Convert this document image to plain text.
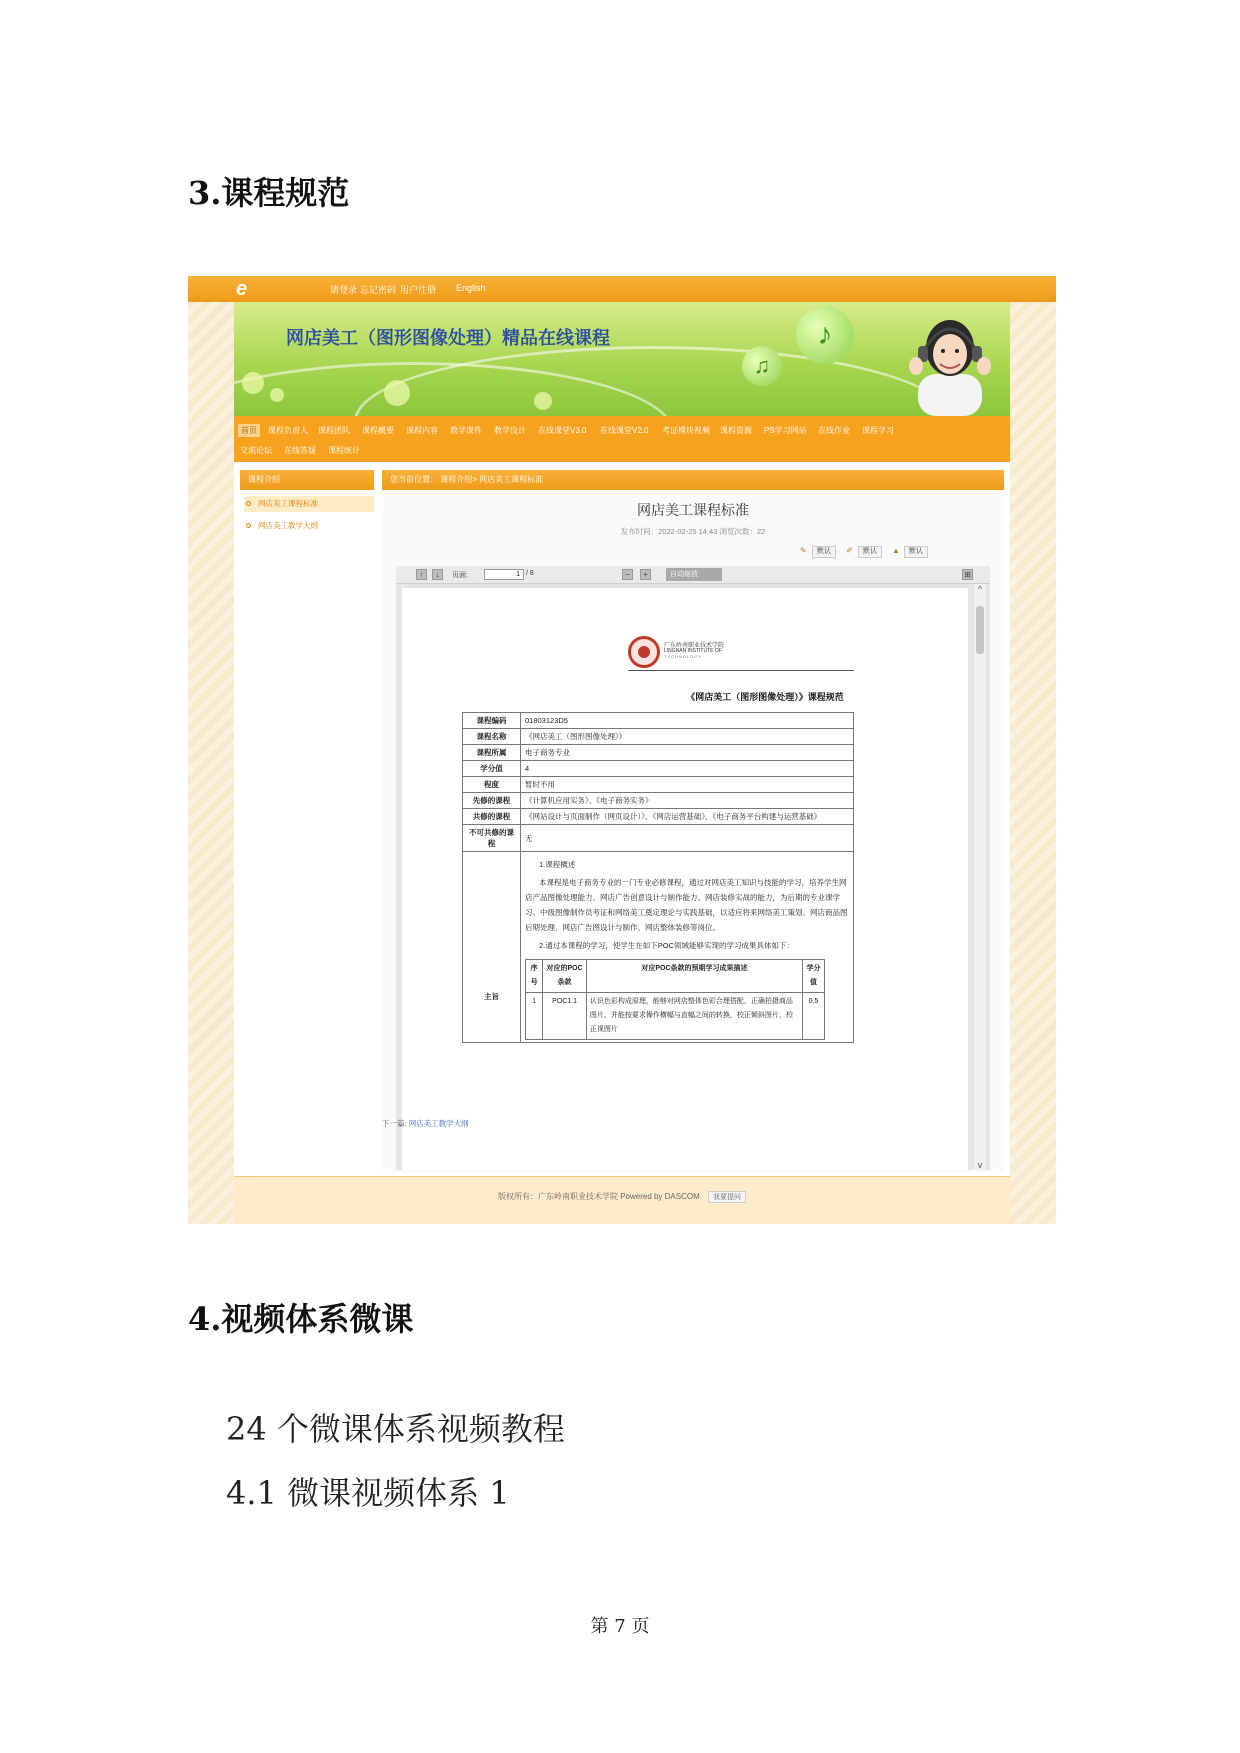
3.课程规范
e	请登录 忘记密码 用户注册 English
网店美工（图形图像处理）精品在线课程	♪
♫
首页	课程负责人 课程团队 课程概要 课程内容 教学课件 教学设计 在线课堂V3.0 在线课堂V2.0 考证模块视频 课程资源 PS学习网站 在线作业 课程学习
交流论坛 在线答疑 课程统计
课程介绍
网店美工课程标准
网店美工教学大纲
您当前位置： 课程介绍> 网店美工课程标准
网店美工课程标准
发布时间：2022-02-25 14:43 浏览次数：22
✎	默认	✐	默认	▲	默认
↑	↓	页面:	1 / 8	−	+	自动缩放	⊞
广东岭南职业技术学院
LINGNAN INSTITUTE OF
TECHNOLOGY
《网店美工（图形图像处理）》课程规范
课程编码	01803123D5
课程名称	《网店美工（图形图像处理）》
课程所属	电子商务专业
学分值	4
程度	暂时不用
先修的课程	《计算机应用实务》、《电子商务实务》
共修的课程	《网站设计与页面制作（网页设计）》、《网店运营基础》、《电子商务平台构建与运营基础》
不可共修的课程	无
主旨	

1.课程概述

本课程是电子商务专业的一门专业必修课程，通过对网店美工知识与技能的学习，培养学生网店产品图像处理能力、网店广告创意设计与制作能力、网店装修实战的能力，为后期的专业课学习、中级图像制作员考证和网络美工奠定理论与实践基础，以适应将来网络美工策划、网店商品图后期处理、网店广告图设计与制作、网店整体装修等岗位。

2.通过本课程的学习，使学生在如下POC领域能够实现的学习成果具体如下：

序号	对应的POC条款	对应POC条款的预期学习成果描述	学分值
1	POC1.1	认识色彩构成原理，能够对网店整体色彩合理搭配，正确拍摄商品图片，并能按要求操作横幅与直幅之间的转换，校正倾斜图片，校正视图片	0.5
^
v
下一篇: 网店美工教学大纲
版权所有：广东岭南职业技术学院 Powered by DASCOM 我要提问
4.视频体系微课
24 个微课体系视频教程
4.1 微课视频体系 1
第 7 页
